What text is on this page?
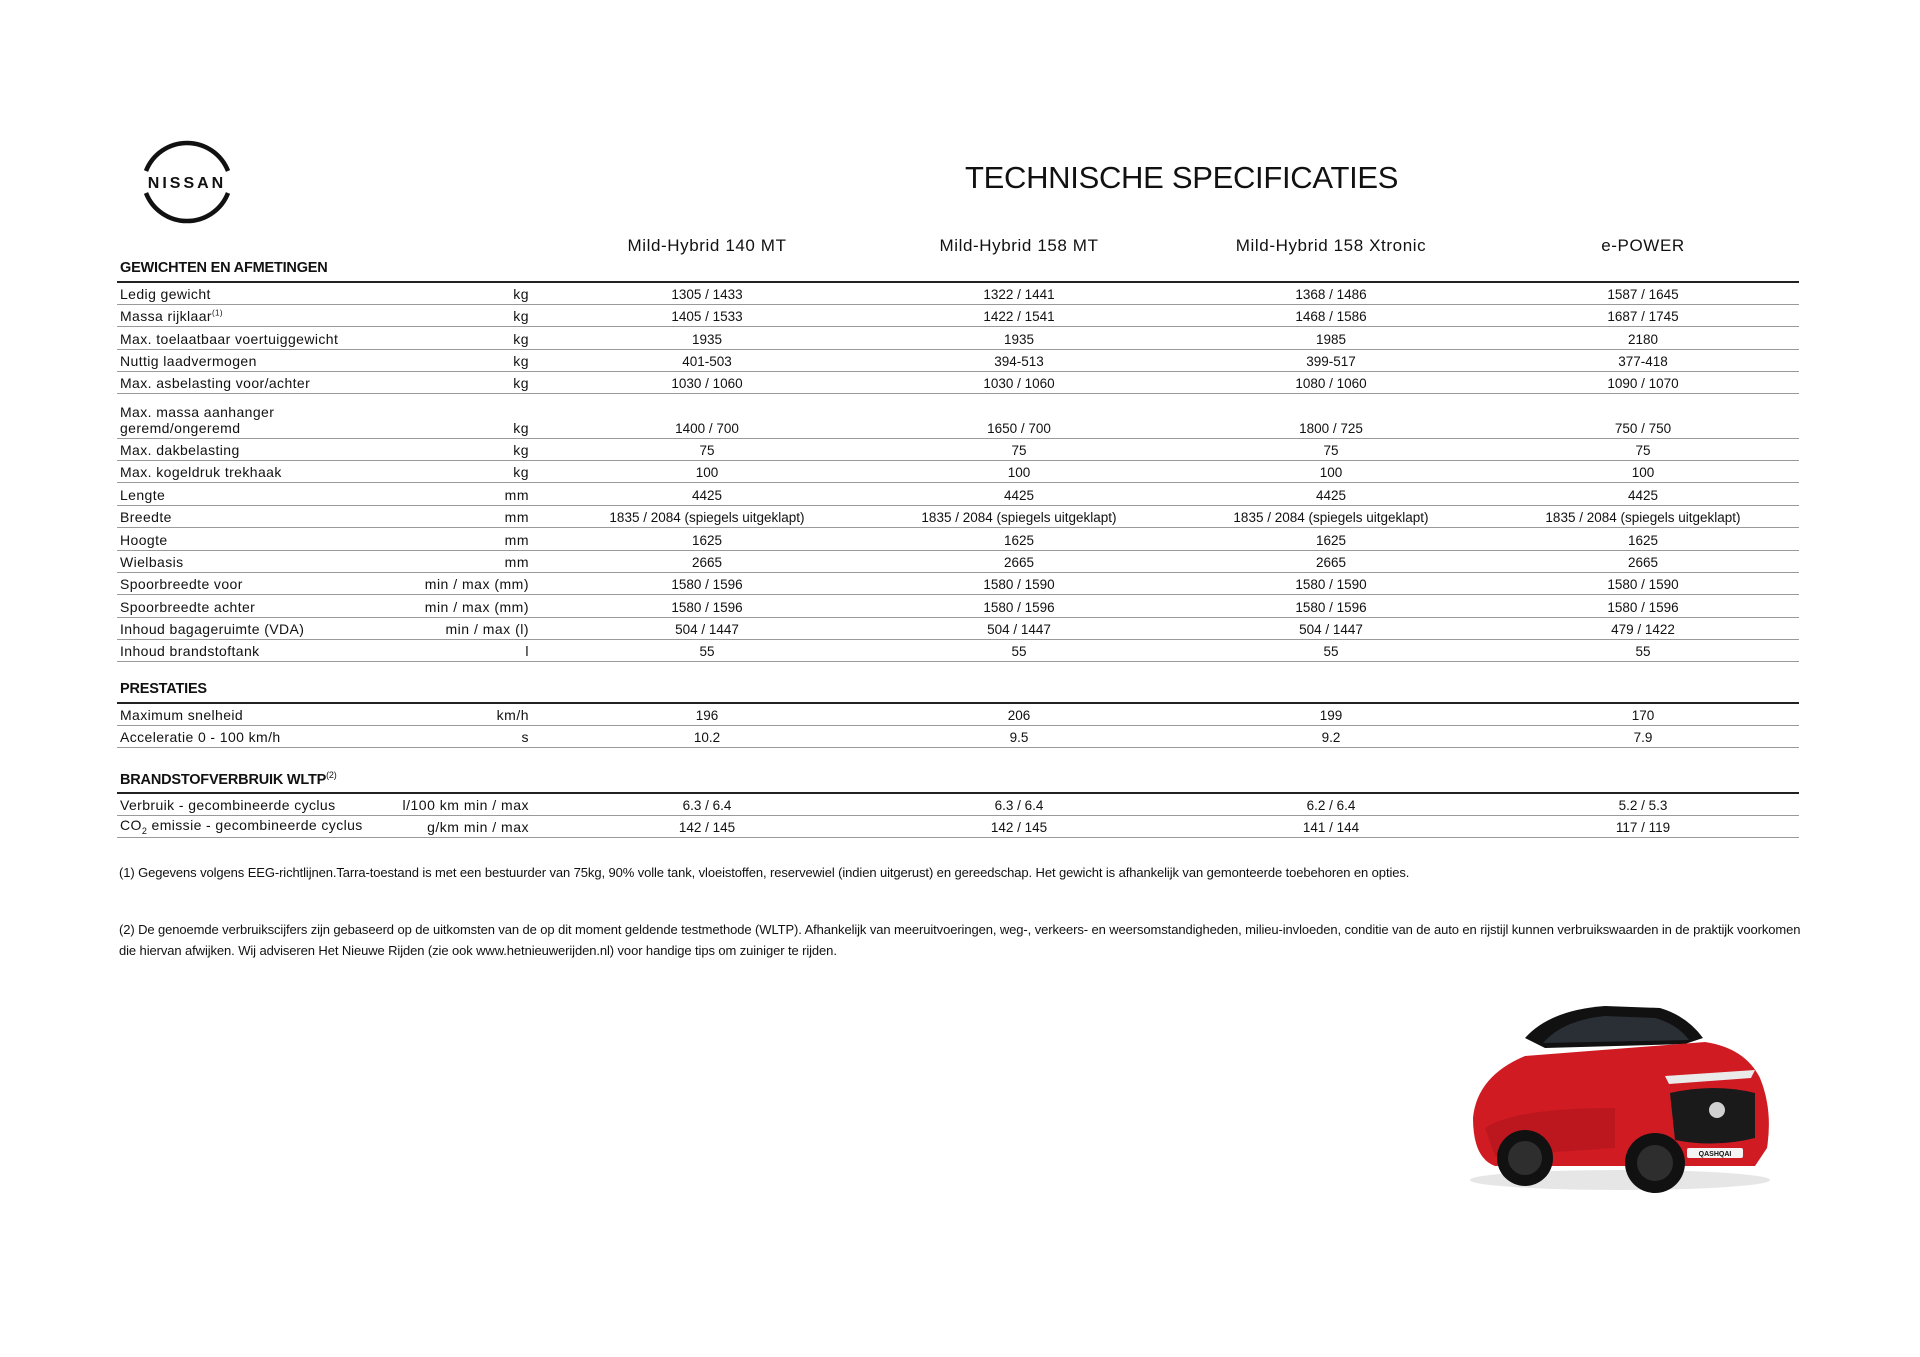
NISSAN	TECHNISCHE SPECIFICATIES
Mild-Hybrid 140 MT	Mild-Hybrid 158 MT	Mild-Hybrid 158 Xtronic	e-POWER
GEWICHTEN EN AFMETINGEN
Ledig gewicht	kg	1305 / 1433	1322 / 1441	1368 / 1486	1587 / 1645
Massa rijklaar$^{(1)}$	kg	1405 / 1533	1422 / 1541	1468 / 1586	1687 / 1745
Max. toelaatbaar voertuiggewicht	kg	1935	1935	1985	2180
Nuttig laadvermogen	kg	401-503	394-513	399-517	377-418
Max. asbelasting voor/achter	kg	1030 / 1060	1030 / 1060	1080 / 1060	1090 / 1070
Max. massa aanhanger
geremd/ongeremd	kg	1400 / 700	1650 / 700	1800 / 725	750 / 750
Max. dakbelasting	kg	75	75	75	75
Max. kogeldruk trekhaak	kg	100	100	100	100
Lengte	mm	4425	4425	4425	4425
Breedte	mm	1835 / 2084 (spiegels uitgeklapt)	1835 / 2084 (spiegels uitgeklapt)	1835 / 2084 (spiegels uitgeklapt)	1835 / 2084 (spiegels uitgeklapt)
Hoogte	mm	1625	1625	1625	1625
Wielbasis	mm	2665	2665	2665	2665
Spoorbreedte voor	min / max (mm)	1580 / 1596	1580 / 1590	1580 / 1590	1580 / 1590
Spoorbreedte achter	min / max (mm)	1580 / 1596	1580 / 1596	1580 / 1596	1580 / 1596
Inhoud bagageruimte (VDA)	min / max (l)	504 / 1447	504 / 1447	504 / 1447	479 / 1422
Inhoud brandstoftank	l	55	55	55	55
PRESTATIES
Maximum snelheid	km/h	196	206	199	170
Acceleratie 0 - 100 km/h	s	10.2	9.5	9.2	7.9
BRANDSTOFVERBRUIK WLTP$^{(2)}$
Verbruik - gecombineerde cyclus	l/100 km min / max	6.3 / 6.4	6.3 / 6.4	6.2 / 6.4	5.2 / 5.3
$CO_2$ emissie - gecombineerde cyclus	g/km min / max	142 / 145	142 / 145	141 / 144	117 / 119
(1) Gegevens volgens EEG-richtlijnen.Tarra-toestand is met een bestuurder van 75kg, 90% volle tank, vloeistoffen, reservewiel (indien uitgerust) en gereedschap. Het gewicht is afhankelijk van gemonteerde toebehoren en opties.
(2) De genoemde verbruikscijfers zijn gebaseerd op de uitkomsten van de op dit moment geldende testmethode (WLTP). Afhankelijk van meeruitvoeringen, weg-, verkeers- en weersomstandigheden, milieu-invloeden, conditie van de auto en rijstijl kunnen verbruikswaarden in de praktijk voorkomen die hiervan afwijken. Wij adviseren Het Nieuwe Rijden (zie ook www.hetnieuwerijden.nl) voor handige tips om zuiniger te rijden.
QASHQAI
